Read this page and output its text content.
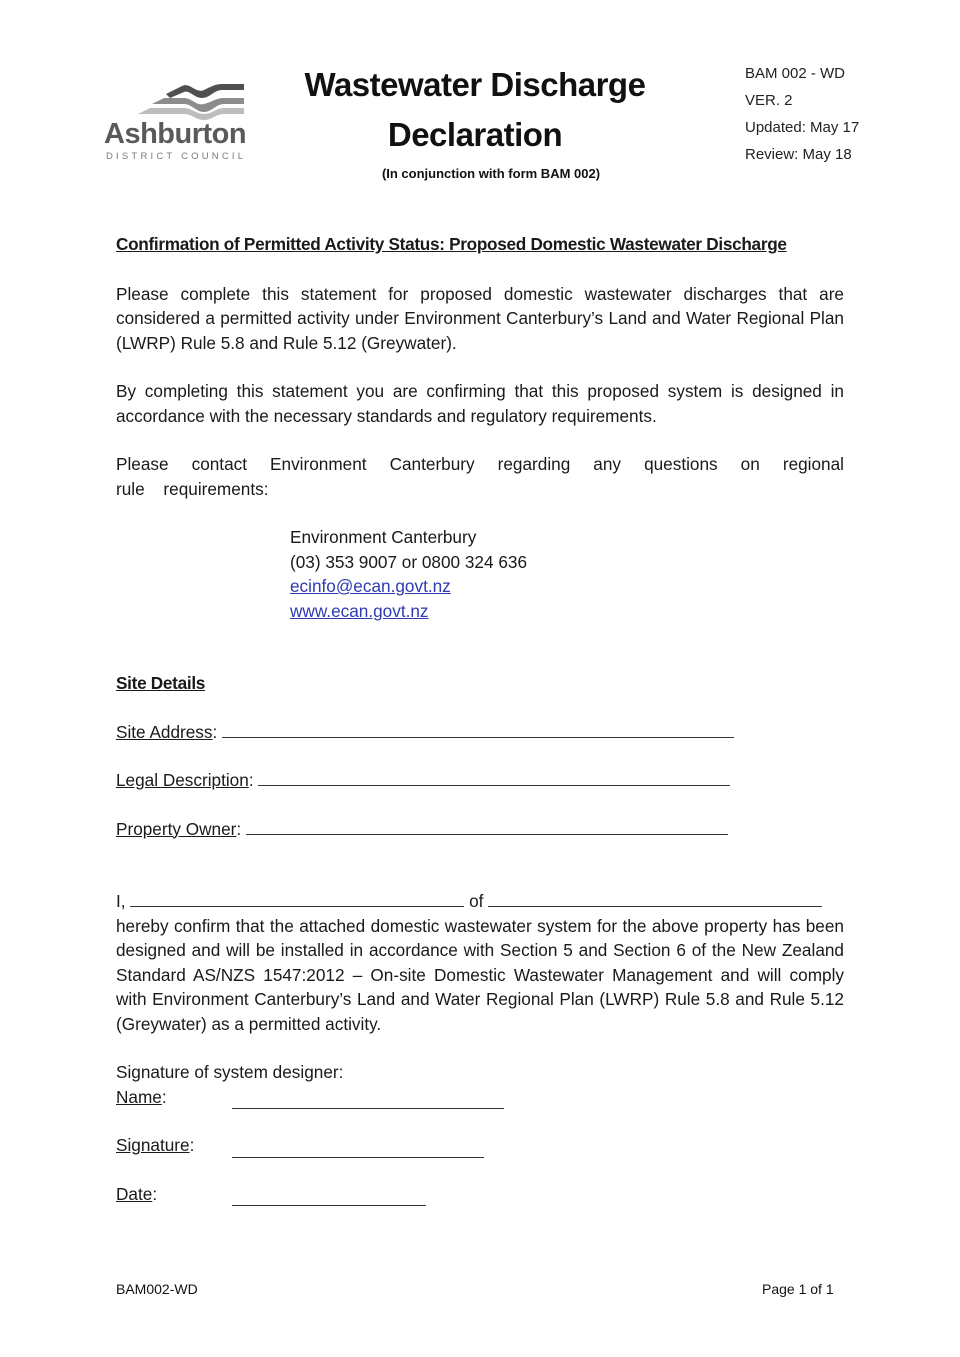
Ashburton
DISTRICT COUNCIL
Wastewater Discharge
Declaration
(In conjunction with form BAM 002)
BAM 002 - WD
VER. 2
Updated: May 17
Review: May 18

Confirmation of Permitted Activity Status: Proposed Domestic Wastewater Discharge

Please complete this statement for proposed domestic wastewater discharges that are considered a permitted activity under Environment Canterbury’s Land and Water Regional Plan (LWRP) Rule 5.8 and Rule 5.12 (Greywater).

By completing this statement you are confirming that this proposed system is designed in accordance with the necessary standards and regulatory requirements.

Please contact Environment Canterbury regarding any questions on regional rule requirements:

Environment Canterbury
(03) 353 9007 or 0800 324 636
ecinfo@ecan.govt.nz
www.ecan.govt.nz

Site Details

Site Address:
Legal Description:
Property Owner:
I,	of

hereby confirm that the attached domestic wastewater system for the above property has been designed and will be installed in accordance with Section 5 and Section 6 of the New Zealand Standard AS/NZS 1547:2012 – On-site Domestic Wastewater Management and will comply with Environment Canterbury’s Land and Water Regional Plan (LWRP) Rule 5.8 and Rule 5.12 (Greywater) as a permitted activity.

Signature of system designer:

Name:
Signature:
Date:
BAM002-WD	Page 1 of 1
